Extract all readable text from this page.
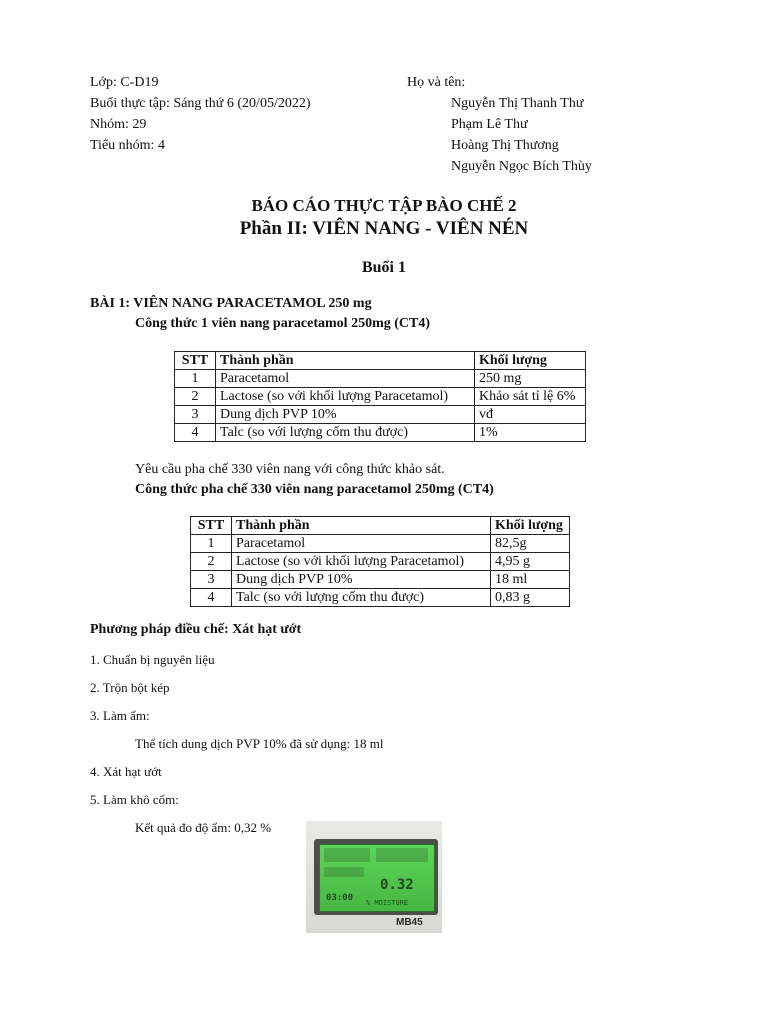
Lớp: C-D19
Buổi thực tập: Sáng thứ 6 (20/05/2022)
Nhóm: 29
Tiểu nhóm: 4
Họ và tên:
Nguyễn Thị Thanh Thư
Phạm Lê Thư
Hoàng Thị Thương
Nguyễn Ngọc Bích Thùy
BÁO CÁO THỰC TẬP BÀO CHẾ 2
Phần II: VIÊN NANG - VIÊN NÉN
Buổi 1
BÀI 1: VIÊN NANG PARACETAMOL 250 mg
Công thức 1 viên nang paracetamol 250mg (CT4)
STT	Thành phần	Khối lượng
1	Paracetamol	250 mg
2	Lactose (so với khối lượng Paracetamol)	Khảo sát tỉ lệ 6%
3	Dung dịch PVP 10%	vđ
4	Talc (so với lượng cốm thu được)	1%
Yêu cầu pha chế 330 viên nang với công thức khảo sát.
Công thức pha chế 330 viên nang paracetamol 250mg (CT4)
STT	Thành phần	Khối lượng
1	Paracetamol	82,5g
2	Lactose (so với khối lượng Paracetamol)	4,95 g
3	Dung dịch PVP 10%	18 ml
4	Talc (so với lượng cốm thu được)	0,83 g
Phương pháp điều chế: Xát hạt ướt
1. Chuẩn bị nguyên liệu
2. Trộn bột kép
3. Làm ẩm:
Thể tích dung dịch PVP 10% đã sử dụng: 18 ml
4. Xát hạt ướt
5. Làm khô cốm:
Kết quả đo độ ẩm: 0,32 %
0.32
03:00 % MOISTURE
MB45
